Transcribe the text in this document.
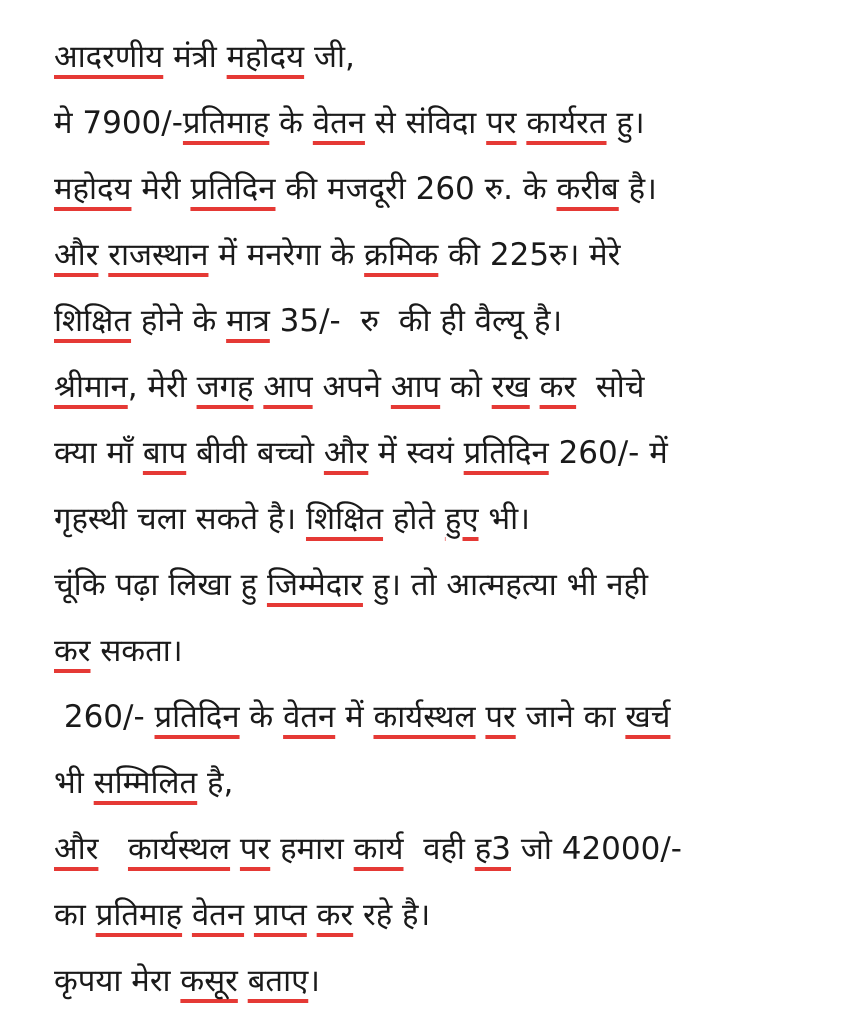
आदरणीय मंत्री महोदय जी,
मे 7900/-प्रतिमाह के वेतन से संविदा पर कार्यरत हु।
महोदय मेरी प्रतिदिन की मजदूरी 260 रु. के करीब है।
और राजस्थान में मनरेगा के क्रमिक की 225रु। मेरे
शिक्षित होने के मात्र 35/-  रु  की ही वैल्यू है।
श्रीमान, मेरी जगह आप अपने आप को रख कर  सोचे
क्या माँ बाप बीवी बच्चो और में स्वयं प्रतिदिन 260/- में
गृहस्थी चला सकते है। शिक्षित होते हुए भी।
चूंकि पढ़ा लिखा हु जिम्मेदार हु। तो आत्महत्या भी नही
कर सकता।
260/- प्रतिदिन के वेतन में कार्यस्थल पर जाने का खर्च
भी सम्मिलित है,
और कार्यस्थल पर हमारा कार्य  वही ह3 जो 42000/-
का प्रतिमाह वेतन प्राप्त कर रहे है।
कृपया मेरा कसूर बताए।
